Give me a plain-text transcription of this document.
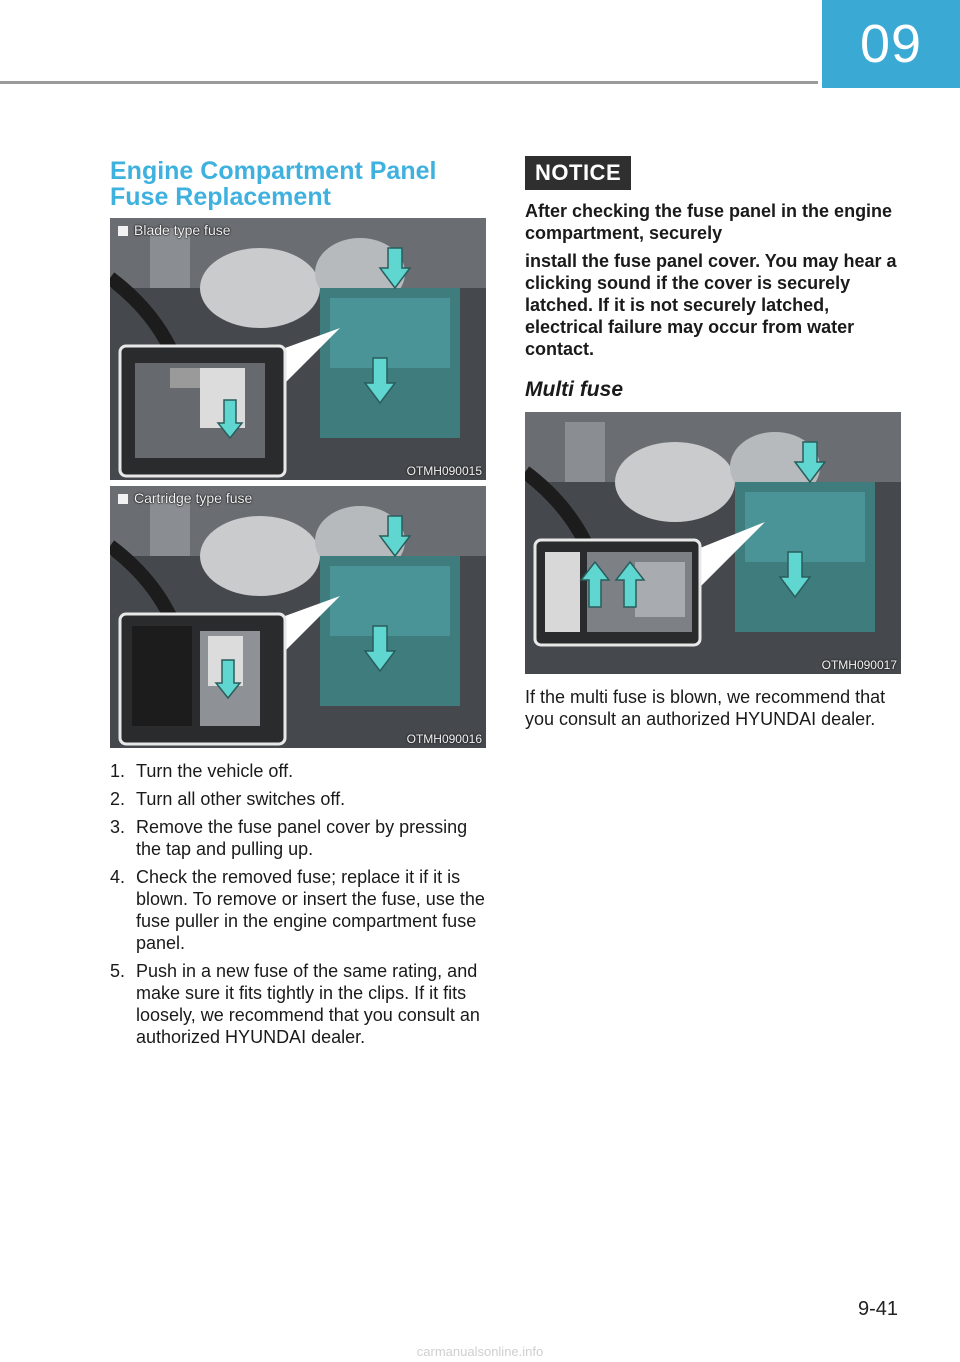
09
Engine Compartment Panel Fuse Replacement
Blade type fuse
OTMH090015
Cartridge type fuse
OTMH090016
1. Turn the vehicle off.
2. Turn all other switches off.
3. Remove the fuse panel cover by pressing the tap and pulling up.
4. Check the removed fuse; replace it if it is blown. To remove or insert the fuse, use the fuse puller in the engine compartment fuse panel.
5. Push in a new fuse of the same rating, and make sure it fits tightly in the clips. If it fits loosely, we recommend that you consult an authorized HYUNDAI dealer.
NOTICE

After checking the fuse panel in the engine compartment, securely

install the fuse panel cover. You may hear a clicking sound if the cover is securely latched. If it is not securely latched, electrical failure may occur from water contact.

Multi fuse
OTMH090017

If the multi fuse is blown, we recommend that you consult an authorized HYUNDAI dealer.

9-41
carmanualsonline.info
